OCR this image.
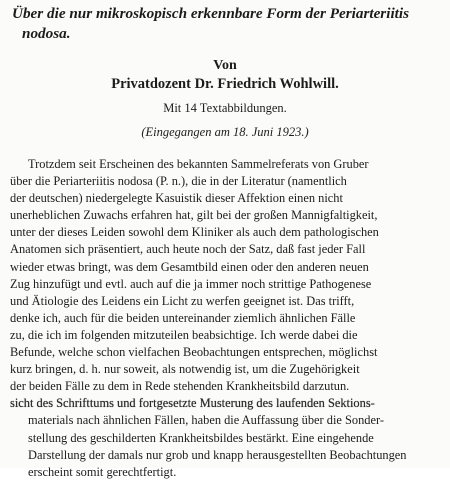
Über die nur mikroskopisch erkennbare Form der Periarteriitis
nodosa.

Von

Privatdozent Dr. Friedrich Wohlwill.

Mit 14 Textabbildungen.

(Eingegangen am 18. Juni 1923.)

Trotzdem seit Erscheinen des bekannten Sammelreferats von Gruber
über die Periarteriitis nodosa (P. n.), die in der Literatur (namentlich
der deutschen) niedergelegte Kasuistik dieser Affektion einen nicht
unerheblichen Zuwachs erfahren hat, gilt bei der großen Mannigfaltigkeit,
unter der dieses Leiden sowohl dem Kliniker als auch dem pathologischen
Anatomen sich präsentiert, auch heute noch der Satz, daß fast jeder Fall
wieder etwas bringt, was dem Gesamtbild einen oder den anderen neuen
Zug hinzufügt und evtl. auch auf die ja immer noch strittige Pathogenese
und Ätiologie des Leidens ein Licht zu werfen geeignet ist. Das trifft,
denke ich, auch für die beiden untereinander ziemlich ähnlichen Fälle
zu, die ich im folgenden mitzuteilen beabsichtige. Ich werde dabei die
Befunde, welche schon vielfachen Beobachtungen entsprechen, möglichst
kurz bringen, d. h. nur soweit, als notwendig ist, um die Zugehörigkeit
der beiden Fälle zu dem in Rede stehenden Krankheitsbild darzutun.
sicht des Schrifttums und fortgesetzte Musterung des laufenden Sektions-
materials nach ähnlichen Fällen, haben die Auffassung über die Sonder-
stellung des geschilderten Krankheitsbildes bestärkt. Eine eingehende
Darstellung der damals nur grob und knapp herausgestellten Beobachtungen
erscheint somit gerechtfertigt.
